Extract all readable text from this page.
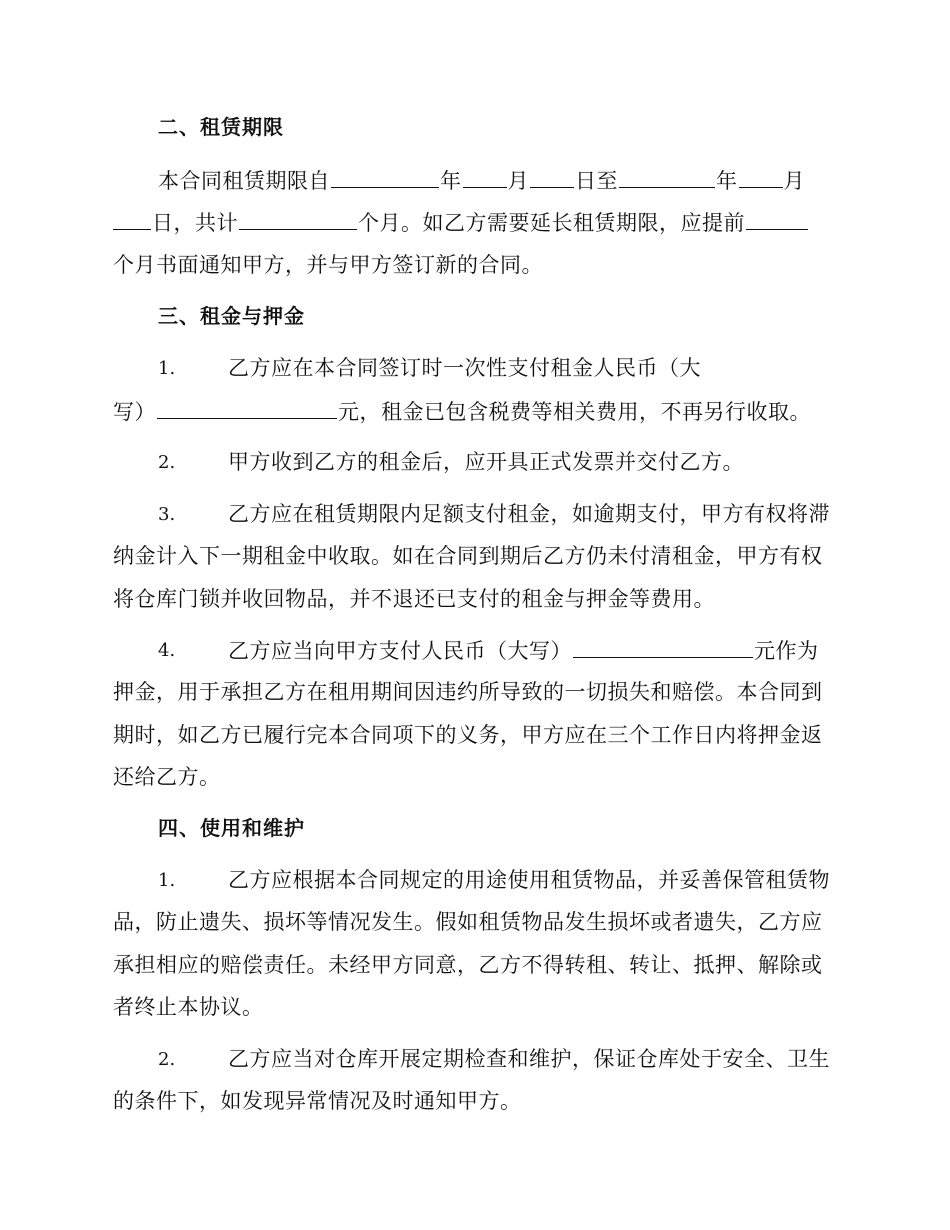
二、租赁期限
本合同租赁期限自	年 月 日至	年 月
日，共计	个月。如乙方需要延长租赁期限，应提前
个月书面通知甲方，并与甲方签订新的合同。
三、租金与押金
1.	乙方应在本合同签订时一次性支付租金人民币（大
写）	元，租金已包含税费等相关费用，不再另行收取。
2.	甲方收到乙方的租金后，应开具正式发票并交付乙方。
3.	乙方应在租赁期限内足额支付租金，如逾期支付，甲方有权将滞
纳金计入下一期租金中收取。如在合同到期后乙方仍未付清租金，甲方有权
将仓库门锁并收回物品，并不退还已支付的租金与押金等费用。
4.	乙方应当向甲方支付人民币（大写）	元作为
押金，用于承担乙方在租用期间因违约所导致的一切损失和赔偿。本合同到
期时，如乙方已履行完本合同项下的义务，甲方应在三个工作日内将押金返
还给乙方。
四、使用和维护
1.	乙方应根据本合同规定的用途使用租赁物品，并妥善保管租赁物
品，防止遗失、损坏等情况发生。假如租赁物品发生损坏或者遗失，乙方应
承担相应的赔偿责任。未经甲方同意，乙方不得转租、转让、抵押、解除或
者终止本协议。
2.	乙方应当对仓库开展定期检查和维护，保证仓库处于安全、卫生
的条件下，如发现异常情况及时通知甲方。
